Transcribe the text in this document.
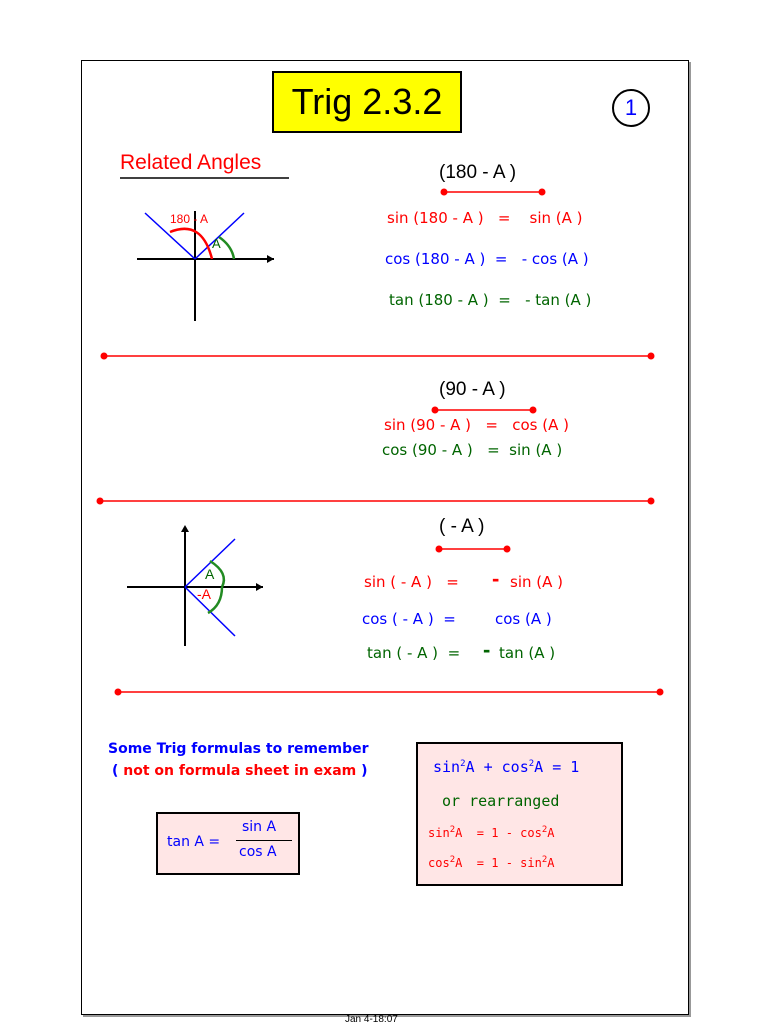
Trig 2.3.2	1
Related Angles
180 - A
A
(180 - A )
sin (180 - A )   =    sin (A )
cos (180 - A )  =   - cos (A )
tan (180 - A )  =   - tan (A )
(90 - A )
sin (90 - A )   =   cos (A )
cos (90 - A )   =  sin (A )
( - A )
sin ( - A )   = - sin (A )
cos ( - A )  =	cos (A )
tan ( - A )  = - tan (A )
A
-A
Some Trig formulas to remember
( not on formula sheet in exam )
tan A =
sin A
cos A
$\sin^2A + \cos^2A = 1$
or rearranged
$\sin^2A = 1 - \cos^2A$
$\cos^2A = 1 - \sin^2A$
Jan 4-18:07
